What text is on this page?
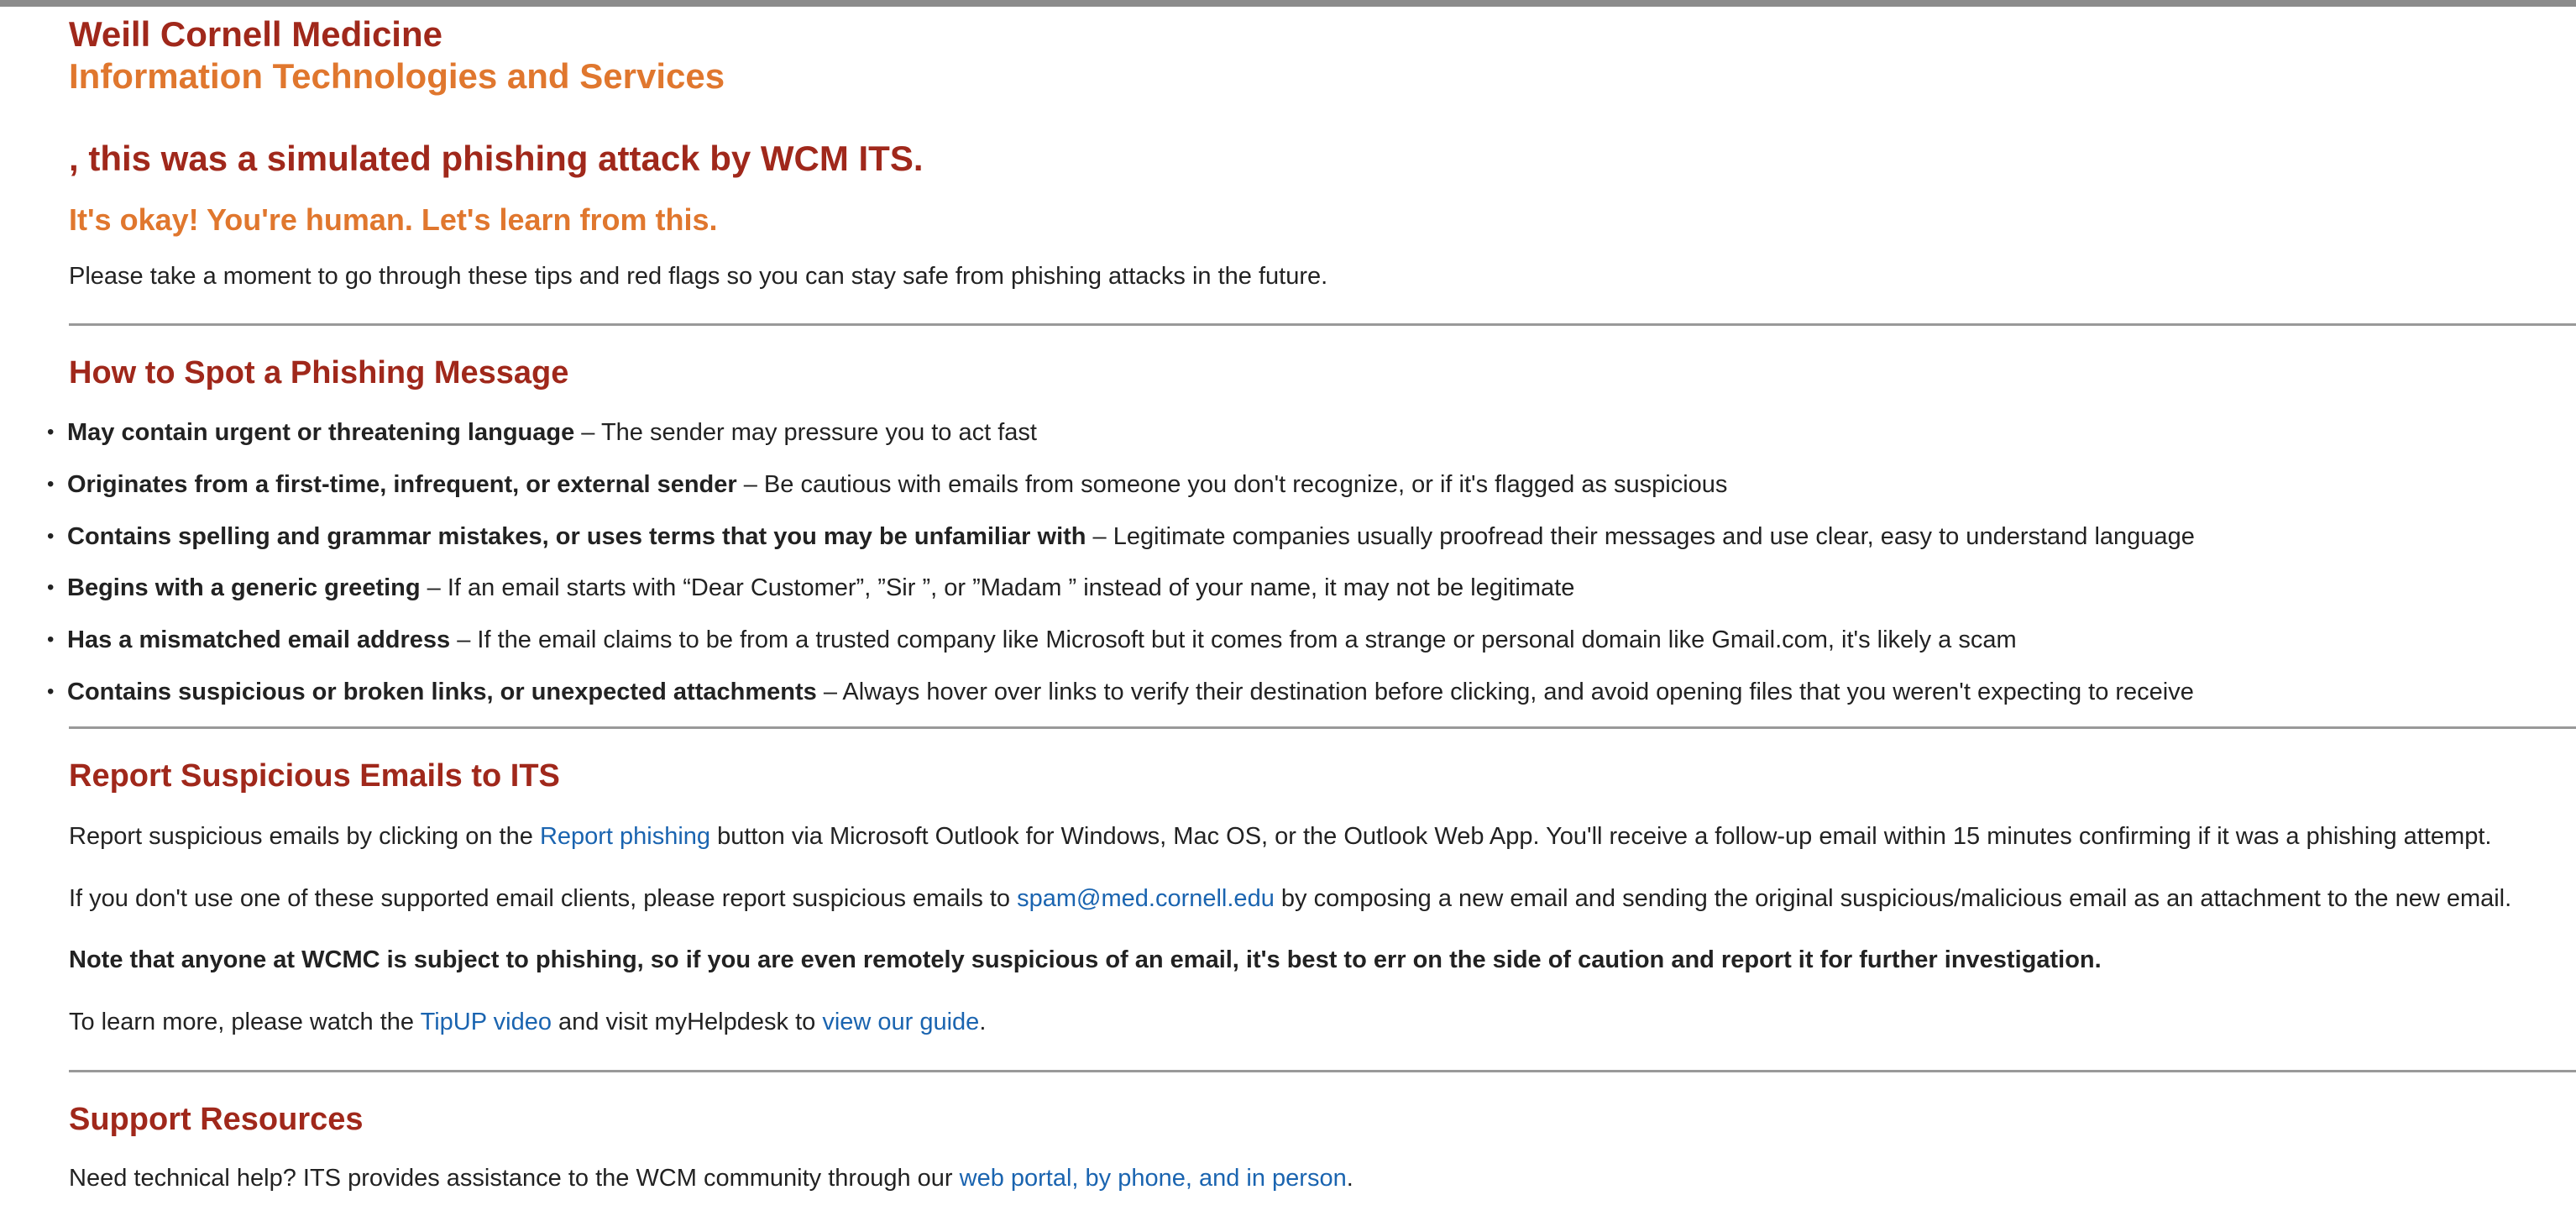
Weill Cornell Medicine
Information Technologies and Services
, this was a simulated phishing attack by WCM ITS.
It's okay! You're human. Let's learn from this.
Please take a moment to go through these tips and red flags so you can stay safe from phishing attacks in the future.
How to Spot a Phishing Message
• May contain urgent or threatening language – The sender may pressure you to act fast
• Originates from a first-time, infrequent, or external sender – Be cautious with emails from someone you don't recognize, or if it's flagged as suspicious
• Contains spelling and grammar mistakes, or uses terms that you may be unfamiliar with – Legitimate companies usually proofread their messages and use clear, easy to understand language
• Begins with a generic greeting – If an email starts with “Dear Customer”, ”Sir ”, or ”Madam ” instead of your name, it may not be legitimate
• Has a mismatched email address – If the email claims to be from a trusted company like Microsoft but it comes from a strange or personal domain like Gmail.com, it's likely a scam
• Contains suspicious or broken links, or unexpected attachments – Always hover over links to verify their destination before clicking, and avoid opening files that you weren't expecting to receive
Report Suspicious Emails to ITS
Report suspicious emails by clicking on the Report phishing button via Microsoft Outlook for Windows, Mac OS, or the Outlook Web App. You'll receive a follow-up email within 15 minutes confirming if it was a phishing attempt.
If you don't use one of these supported email clients, please report suspicious emails to spam@med.cornell.edu by composing a new email and sending the original suspicious/malicious email as an attachment to the new email.
Note that anyone at WCMC is subject to phishing, so if you are even remotely suspicious of an email, it's best to err on the side of caution and report it for further investigation.
To learn more, please watch the TipUP video and visit myHelpdesk to view our guide.
Support Resources
Need technical help? ITS provides assistance to the WCM community through our web portal, by phone, and in person.
